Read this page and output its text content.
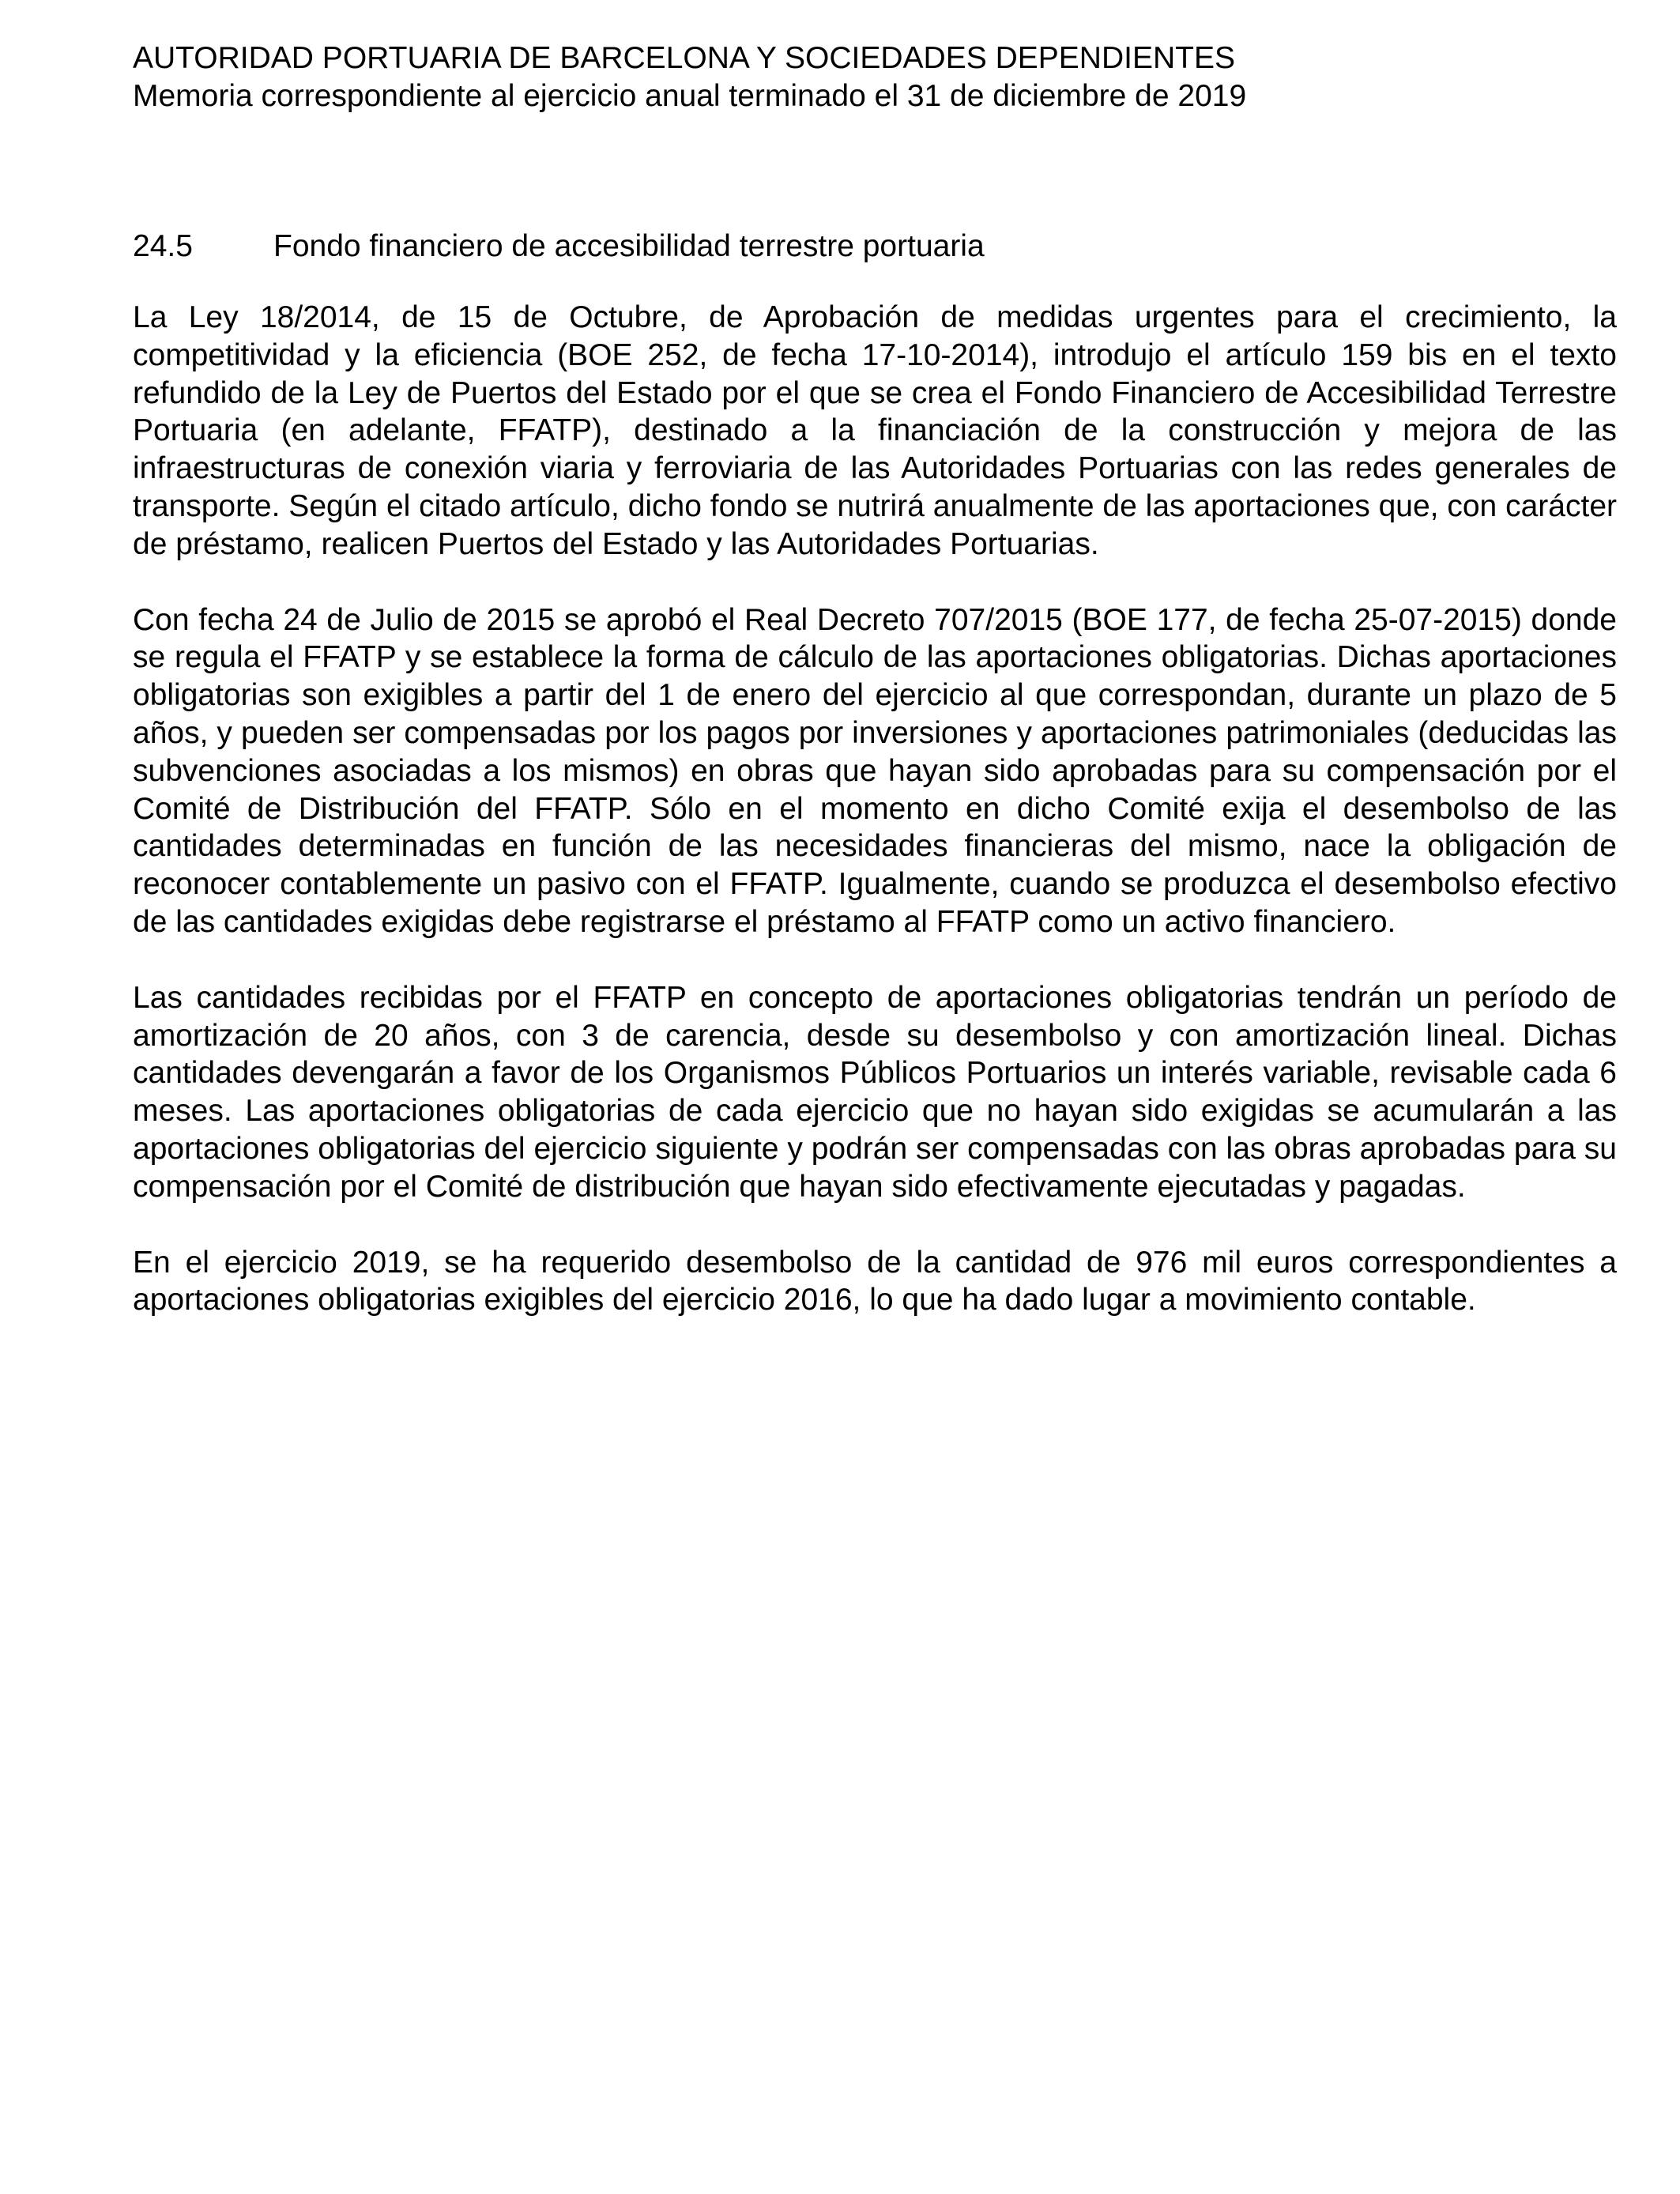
AUTORIDAD PORTUARIA DE BARCELONA Y SOCIEDADES DEPENDIENTES
Memoria correspondiente al ejercicio anual terminado el 31 de diciembre de 2019
24.5	Fondo financiero de accesibilidad terrestre portuaria

La Ley 18/2014, de 15 de Octubre, de Aprobación de medidas urgentes para el crecimiento, la competitividad y la eficiencia (BOE 252, de fecha 17-10-2014), introdujo el artículo 159 bis en el texto refundido de la Ley de Puertos del Estado por el que se crea el Fondo Financiero de Accesibilidad Terrestre Portuaria (en adelante, FFATP), destinado a la financiación de la construcción y mejora de las infraestructuras de conexión viaria y ferroviaria de las Autoridades Portuarias con las redes generales de transporte. Según el citado artículo, dicho fondo se nutrirá anualmente de las aportaciones que, con carácter de préstamo, realicen Puertos del Estado y las Autoridades Portuarias.

Con fecha 24 de Julio de 2015 se aprobó el Real Decreto 707/2015 (BOE 177, de fecha 25-07-2015) donde se regula el FFATP y se establece la forma de cálculo de las aportaciones obligatorias. Dichas aportaciones obligatorias son exigibles a partir del 1 de enero del ejercicio al que correspondan, durante un plazo de 5 años, y pueden ser compensadas por los pagos por inversiones y aportaciones patrimoniales (deducidas las subvenciones asociadas a los mismos) en obras que hayan sido aprobadas para su compensación por el Comité de Distribución del FFATP. Sólo en el momento en dicho Comité exija el desembolso de las cantidades determinadas en función de las necesidades financieras del mismo, nace la obligación de reconocer contablemente un pasivo con el FFATP. Igualmente, cuando se produzca el desembolso efectivo de las cantidades exigidas debe registrarse el préstamo al FFATP como un activo financiero.

Las cantidades recibidas por el FFATP en concepto de aportaciones obligatorias tendrán un período de amortización de 20 años, con 3 de carencia, desde su desembolso y con amortización lineal. Dichas cantidades devengarán a favor de los Organismos Públicos Portuarios un interés variable, revisable cada 6 meses. Las aportaciones obligatorias de cada ejercicio que no hayan sido exigidas se acumularán a las aportaciones obligatorias del ejercicio siguiente y podrán ser compensadas con las obras aprobadas para su compensación por el Comité de distribución que hayan sido efectivamente ejecutadas y pagadas.

En el ejercicio 2019, se ha requerido desembolso de la cantidad de 976 mil euros correspondientes a aportaciones obligatorias exigibles del ejercicio 2016, lo que ha dado lugar a movimiento contable.
